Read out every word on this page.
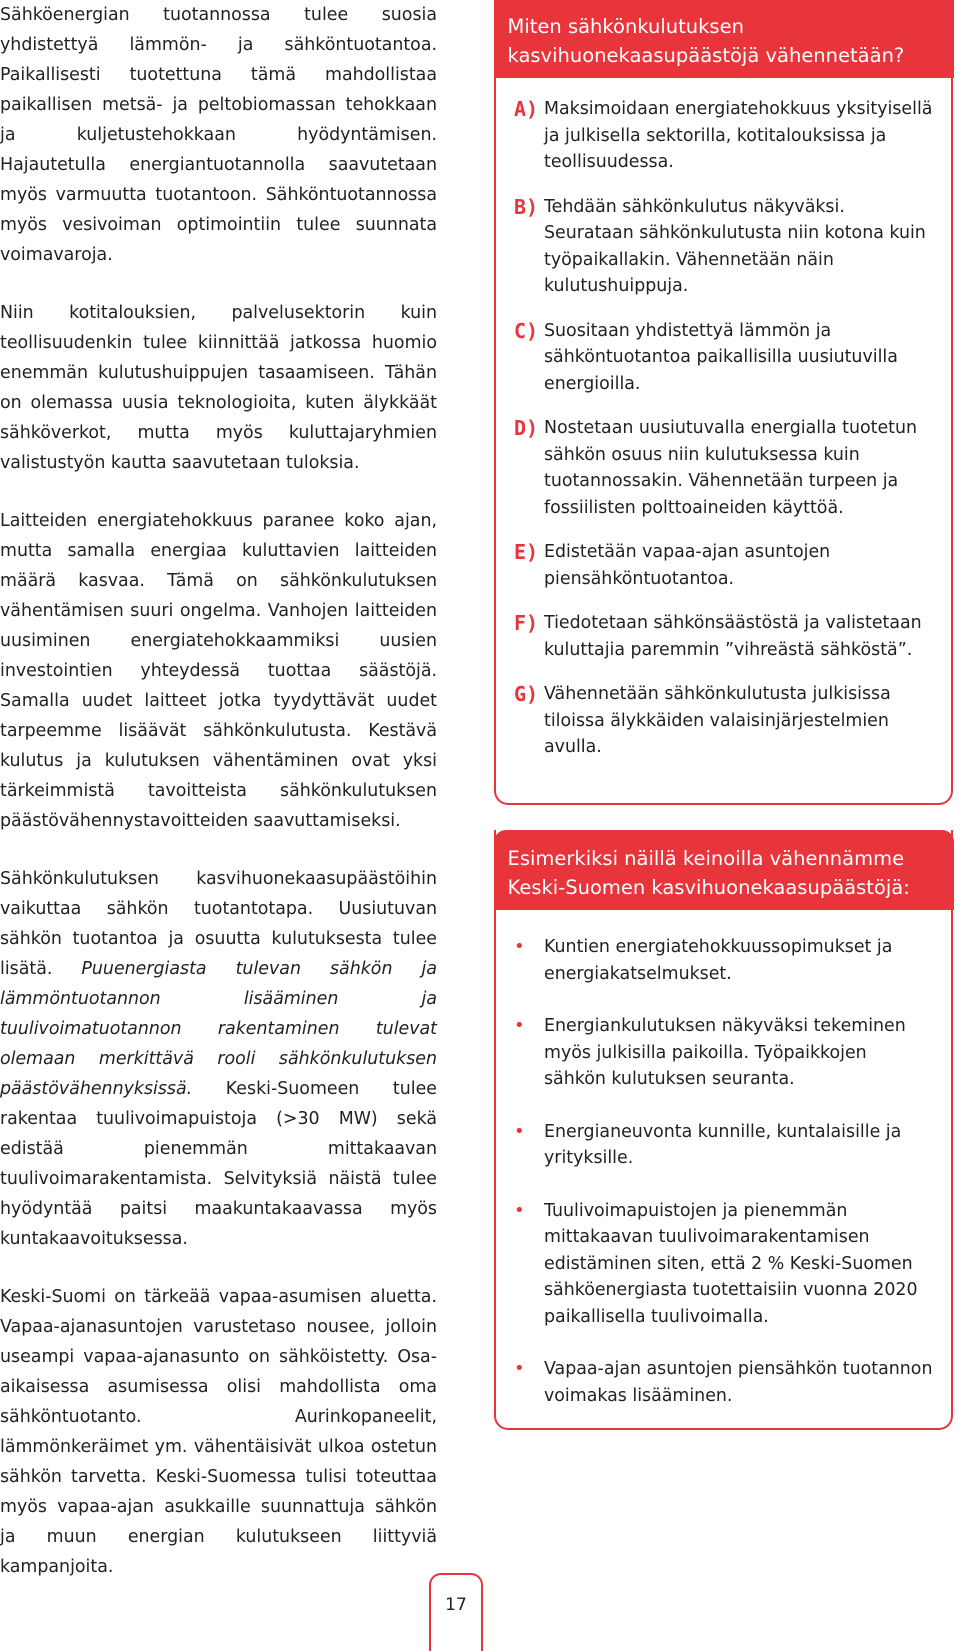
Sähköenergian tuotannossa tulee suosia yhdistettyä lämmön- ja sähköntuotantoa. Paikallisesti tuotettuna tämä mahdollistaa paikallisen metsä- ja peltobiomassan tehokkaan ja kuljetustehokkaan hyödyntämisen. Hajautetulla energiantuotannolla saavutetaan myös varmuutta tuotantoon. Sähköntuotannossa myös vesivoiman optimointiin tulee suunnata voimavaroja.

Niin kotitalouksien, palvelusektorin kuin teollisuudenkin tulee kiinnittää jatkossa huomio enemmän kulutushuippujen tasaamiseen. Tähän on olemassa uusia teknologioita, kuten älykkäät sähköverkot, mutta myös kuluttajaryhmien valistustyön kautta saavutetaan tuloksia.

Laitteiden energiatehokkuus paranee koko ajan, mutta samalla energiaa kuluttavien laitteiden määrä kasvaa. Tämä on sähkönkulutuksen vähentämisen suuri ongelma. Vanhojen laitteiden uusiminen energiatehokkaammiksi uusien investointien yhteydessä tuottaa säästöjä. Samalla uudet laitteet jotka tyydyttävät uudet tarpeemme lisäävät sähkönkulutusta. Kestävä kulutus ja kulutuksen vähentäminen ovat yksi tärkeimmistä tavoitteista sähkönkulutuksen päästövähennystavoitteiden saavuttamiseksi.

Sähkönkulutuksen kasvihuonekaasupäästöihin vaikuttaa sähkön tuotantotapa. Uusiutuvan sähkön tuotantoa ja osuutta kulutuksesta tulee lisätä. Puuenergiasta tulevan sähkön ja lämmöntuotannon lisääminen ja tuulivoimatuotannon rakentaminen tulevat olemaan merkittävä rooli sähkönkulutuksen päästövähennyksissä. Keski-Suomeen tulee rakentaa tuulivoimapuistoja (>30 MW) sekä edistää pienemmän mittakaavan tuulivoimarakentamista. Selvityksiä näistä tulee hyödyntää paitsi maakuntakaavassa myös kuntakaavoituksessa.

Keski-Suomi on tärkeää vapaa-asumisen aluetta. Vapaa-ajanasuntojen varustetaso nousee, jolloin useampi vapaa-ajanasunto on sähköistetty. Osa-aikaisessa asumisessa olisi mahdollista oma sähköntuotanto. Aurinkopaneelit, lämmönkeräimet ym. vähentäisivät ulkoa ostetun sähkön tarvetta. Keski-Suomessa tulisi toteuttaa myös vapaa-ajan asukkaille suunnattuja sähkön ja muun energian kulutukseen liittyviä kampanjoita.

Miten sähkönkulutuksen kasvihuonekaasupäästöjä vähennetään?
A) Maksimoidaan energiatehokkuus yksityisellä ja julkisella sektorilla, kotitalouksissa ja teollisuudessa.
B) Tehdään sähkönkulutus näkyväksi. Seurataan sähkönkulutusta niin kotona kuin työpaikallakin. Vähennetään näin kulutushuippuja.
C) Suositaan yhdistettyä lämmön ja sähköntuotantoa paikallisilla uusiutuvilla energioilla.
D) Nostetaan uusiutuvalla energialla tuotetun sähkön osuus niin kulutuksessa kuin tuotannossakin. Vähennetään turpeen ja fossiilisten polttoaineiden käyttöä.
E) Edistetään vapaa-ajan asuntojen piensähköntuotantoa.
F) Tiedotetaan sähkönsäästöstä ja valistetaan kuluttajia paremmin ”vihreästä sähköstä”.
G) Vähennetään sähkönkulutusta julkisissa tiloissa älykkäiden valaisinjärjestelmien avulla.
Esimerkiksi näillä keinoilla vähennämme Keski-Suomen kasvihuonekaasupäästöjä:
•	Kuntien energiatehokkuussopimukset ja energiakatselmukset.
•	Energiankulutuksen näkyväksi tekeminen myös julkisilla paikoilla. Työpaikkojen sähkön kulutuksen seuranta.
•	Energianeuvonta kunnille, kuntalaisille ja yrityksille.
•	Tuulivoimapuistojen ja pienemmän mittakaavan tuulivoimarakentamisen edistäminen siten, että 2 % Keski-Suomen sähköenergiasta tuotettaisiin vuonna 2020 paikallisella tuulivoimalla.
•	Vapaa-ajan asuntojen piensähkön tuotannon voimakas lisääminen.
17
